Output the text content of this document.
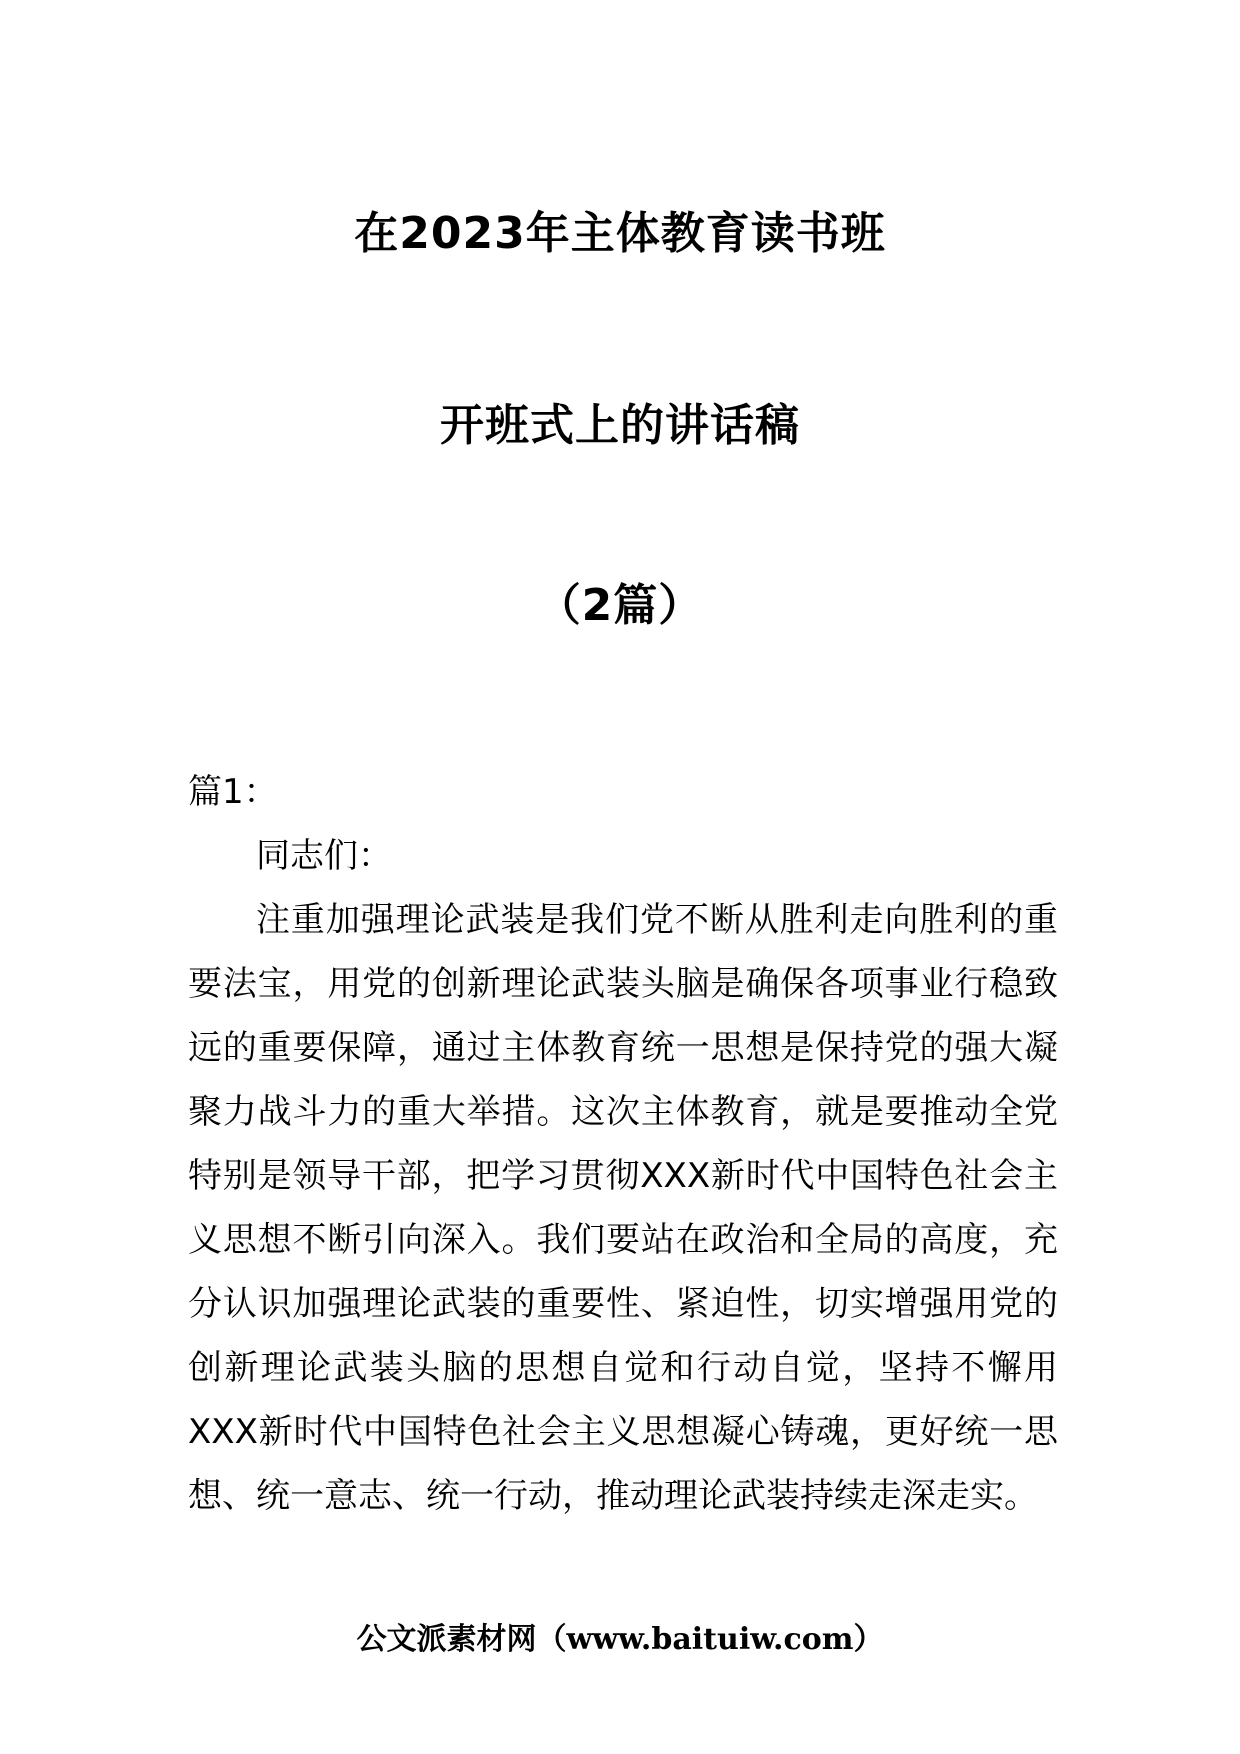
在2023年主体教育读书班
开班式上的讲话稿
（2篇）

篇1：

同志们：

注重加强理论武装是我们党不断从胜利走向胜利的重要法宝，用党的创新理论武装头脑是确保各项事业行稳致远的重要保障，通过主体教育统一思想是保持党的强大凝聚力战斗力的重大举措。这次主体教育，就是要推动全党特别是领导干部，把学习贯彻XXX新时代中国特色社会主义思想不断引向深入。我们要站在政治和全局的高度，充分认识加强理论武装的重要性、紧迫性，切实增强用党的创新理论武装头脑的思想自觉和行动自觉，坚持不懈用XXX新时代中国特色社会主义思想凝心铸魂，更好统一思想、统一意志、统一行动，推动理论武装持续走深走实。

公文派素材网（www.baituiw.com）
